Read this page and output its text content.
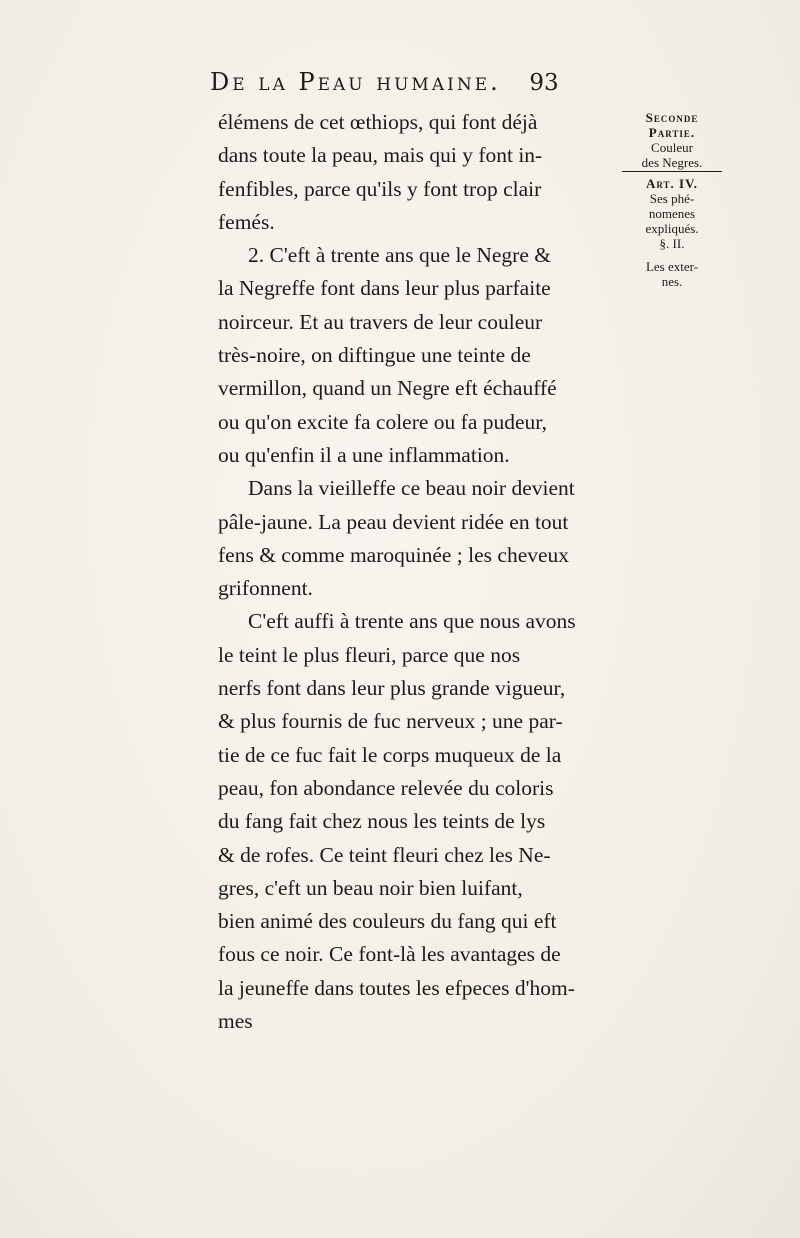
De la Peau humaine. 93
Seconde
Partie.
Couleur
des Negres.
Art. IV.
Ses phé-
nomenes
expliqués.
§. II.
Les exter-
nes.
élémens de cet œthiops, qui font déjà
dans toute la peau, mais qui y font in-
fenfibles, parce qu'ils y font trop clair
femés.
2. C'eft à trente ans que le Negre &
la Negreffe font dans leur plus parfaite
noirceur. Et au travers de leur couleur
très-noire, on diftingue une teinte de
vermillon, quand un Negre eft échauffé
ou qu'on excite fa colere ou fa pudeur,
ou qu'enfin il a une inflammation.
Dans la vieilleffe ce beau noir devient
pâle-jaune. La peau devient ridée en tout
fens & comme maroquinée ; les cheveux
grifonnent.
C'eft auffi à trente ans que nous avons
le teint le plus fleuri, parce que nos
nerfs font dans leur plus grande vigueur,
& plus fournis de fuc nerveux ; une par-
tie de ce fuc fait le corps muqueux de la
peau, fon abondance relevée du coloris
du fang fait chez nous les teints de lys
& de rofes. Ce teint fleuri chez les Ne-
gres, c'eft un beau noir bien luifant,
bien animé des couleurs du fang qui eft
fous ce noir. Ce font-là les avantages de
la jeuneffe dans toutes les efpeces d'hom-
mes
